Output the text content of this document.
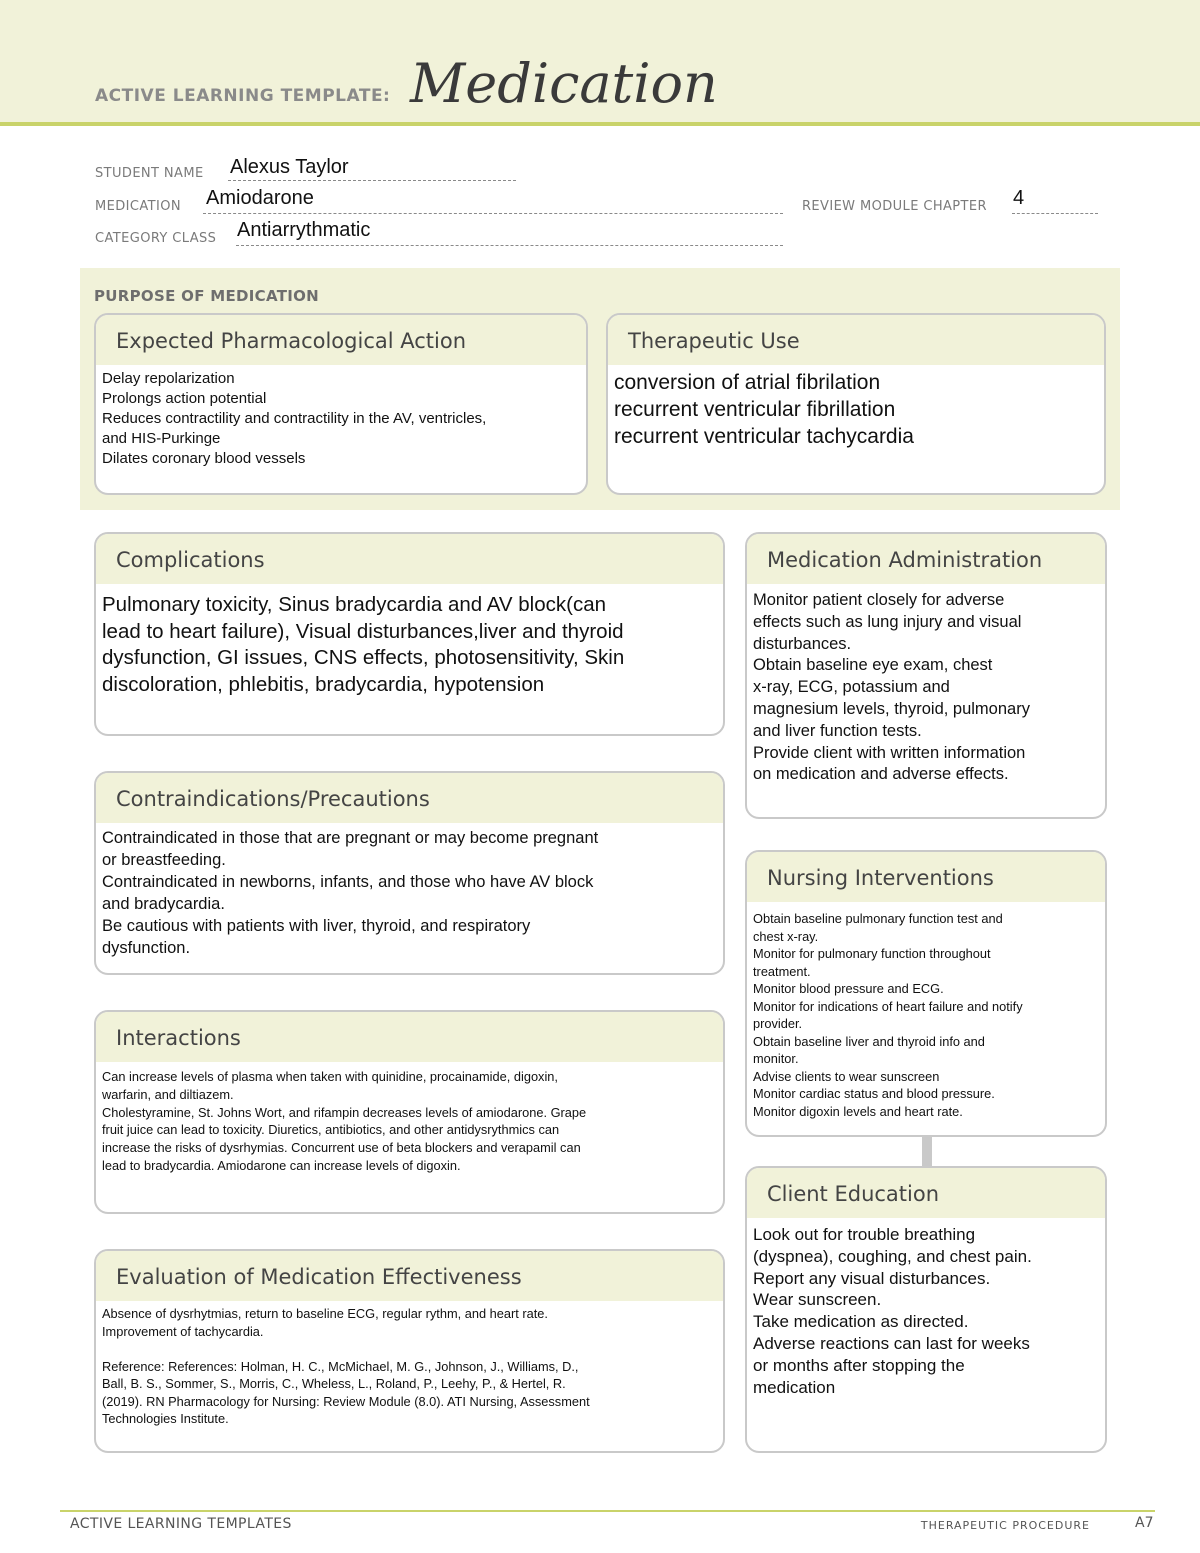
ACTIVE LEARNING TEMPLATE: Medication
STUDENT NAME Alexus Taylor
MEDICATION Amiodarone	REVIEW MODULE CHAPTER 4
CATEGORY CLASS Antiarrythmatic
PURPOSE OF MEDICATION
Expected Pharmacological Action
Delay repolarization
Prolongs action potential
Reduces contractility and contractility in the AV, ventricles,
and HIS-Purkinge
Dilates coronary blood vessels
Therapeutic Use
conversion of atrial fibrilation
recurrent ventricular fibrillation
recurrent ventricular tachycardia
Complications
Pulmonary toxicity, Sinus bradycardia and AV block(can
lead to heart failure), Visual disturbances,liver and thyroid
dysfunction, GI issues, CNS effects, photosensitivity, Skin
discoloration, phlebitis, bradycardia, hypotension
Medication Administration
Monitor patient closely for adverse
effects such as lung injury and visual
disturbances.
Obtain baseline eye exam, chest
x-ray, ECG, potassium and
magnesium levels, thyroid, pulmonary
and liver function tests.
Provide client with written information
on medication and adverse effects.
Contraindications/Precautions
Contraindicated in those that are pregnant or may become pregnant
or breastfeeding.
Contraindicated in newborns, infants, and those who have AV block
and bradycardia.
Be cautious with patients with liver, thyroid, and respiratory
dysfunction.
Nursing Interventions
Obtain baseline pulmonary function test and
chest x-ray.
Monitor for pulmonary function throughout
treatment.
Monitor blood pressure and ECG.
Monitor for indications of heart failure and notify
provider.
Obtain baseline liver and thyroid info and
monitor.
Advise clients to wear sunscreen
Monitor cardiac status and blood pressure.
Monitor digoxin levels and heart rate.
Interactions
Can increase levels of plasma when taken with quinidine, procainamide, digoxin,
warfarin, and diltiazem.
Cholestyramine, St. Johns Wort, and rifampin decreases levels of amiodarone. Grape
fruit juice can lead to toxicity. Diuretics, antibiotics, and other antidysrythmics can
increase the risks of dysrhymias. Concurrent use of beta blockers and verapamil can
lead to bradycardia. Amiodarone can increase levels of digoxin.
Client Education
Look out for trouble breathing
(dyspnea), coughing, and chest pain.
Report any visual disturbances.
Wear sunscreen.
Take medication as directed.
Adverse reactions can last for weeks
or months after stopping the
medication
Evaluation of Medication Effectiveness
Absence of dysrhytmias, return to baseline ECG, regular rythm, and heart rate.
Improvement of tachycardia.

Reference: References: Holman, H. C., McMichael, M. G., Johnson, J., Williams, D.,
Ball, B. S., Sommer, S., Morris, C., Wheless, L., Roland, P., Leehy, P., & Hertel, R.
(2019). RN Pharmacology for Nursing: Review Module (8.0). ATI Nursing, Assessment
Technologies Institute.
ACTIVE LEARNING TEMPLATES	THERAPEUTIC PROCEDURE	A7
